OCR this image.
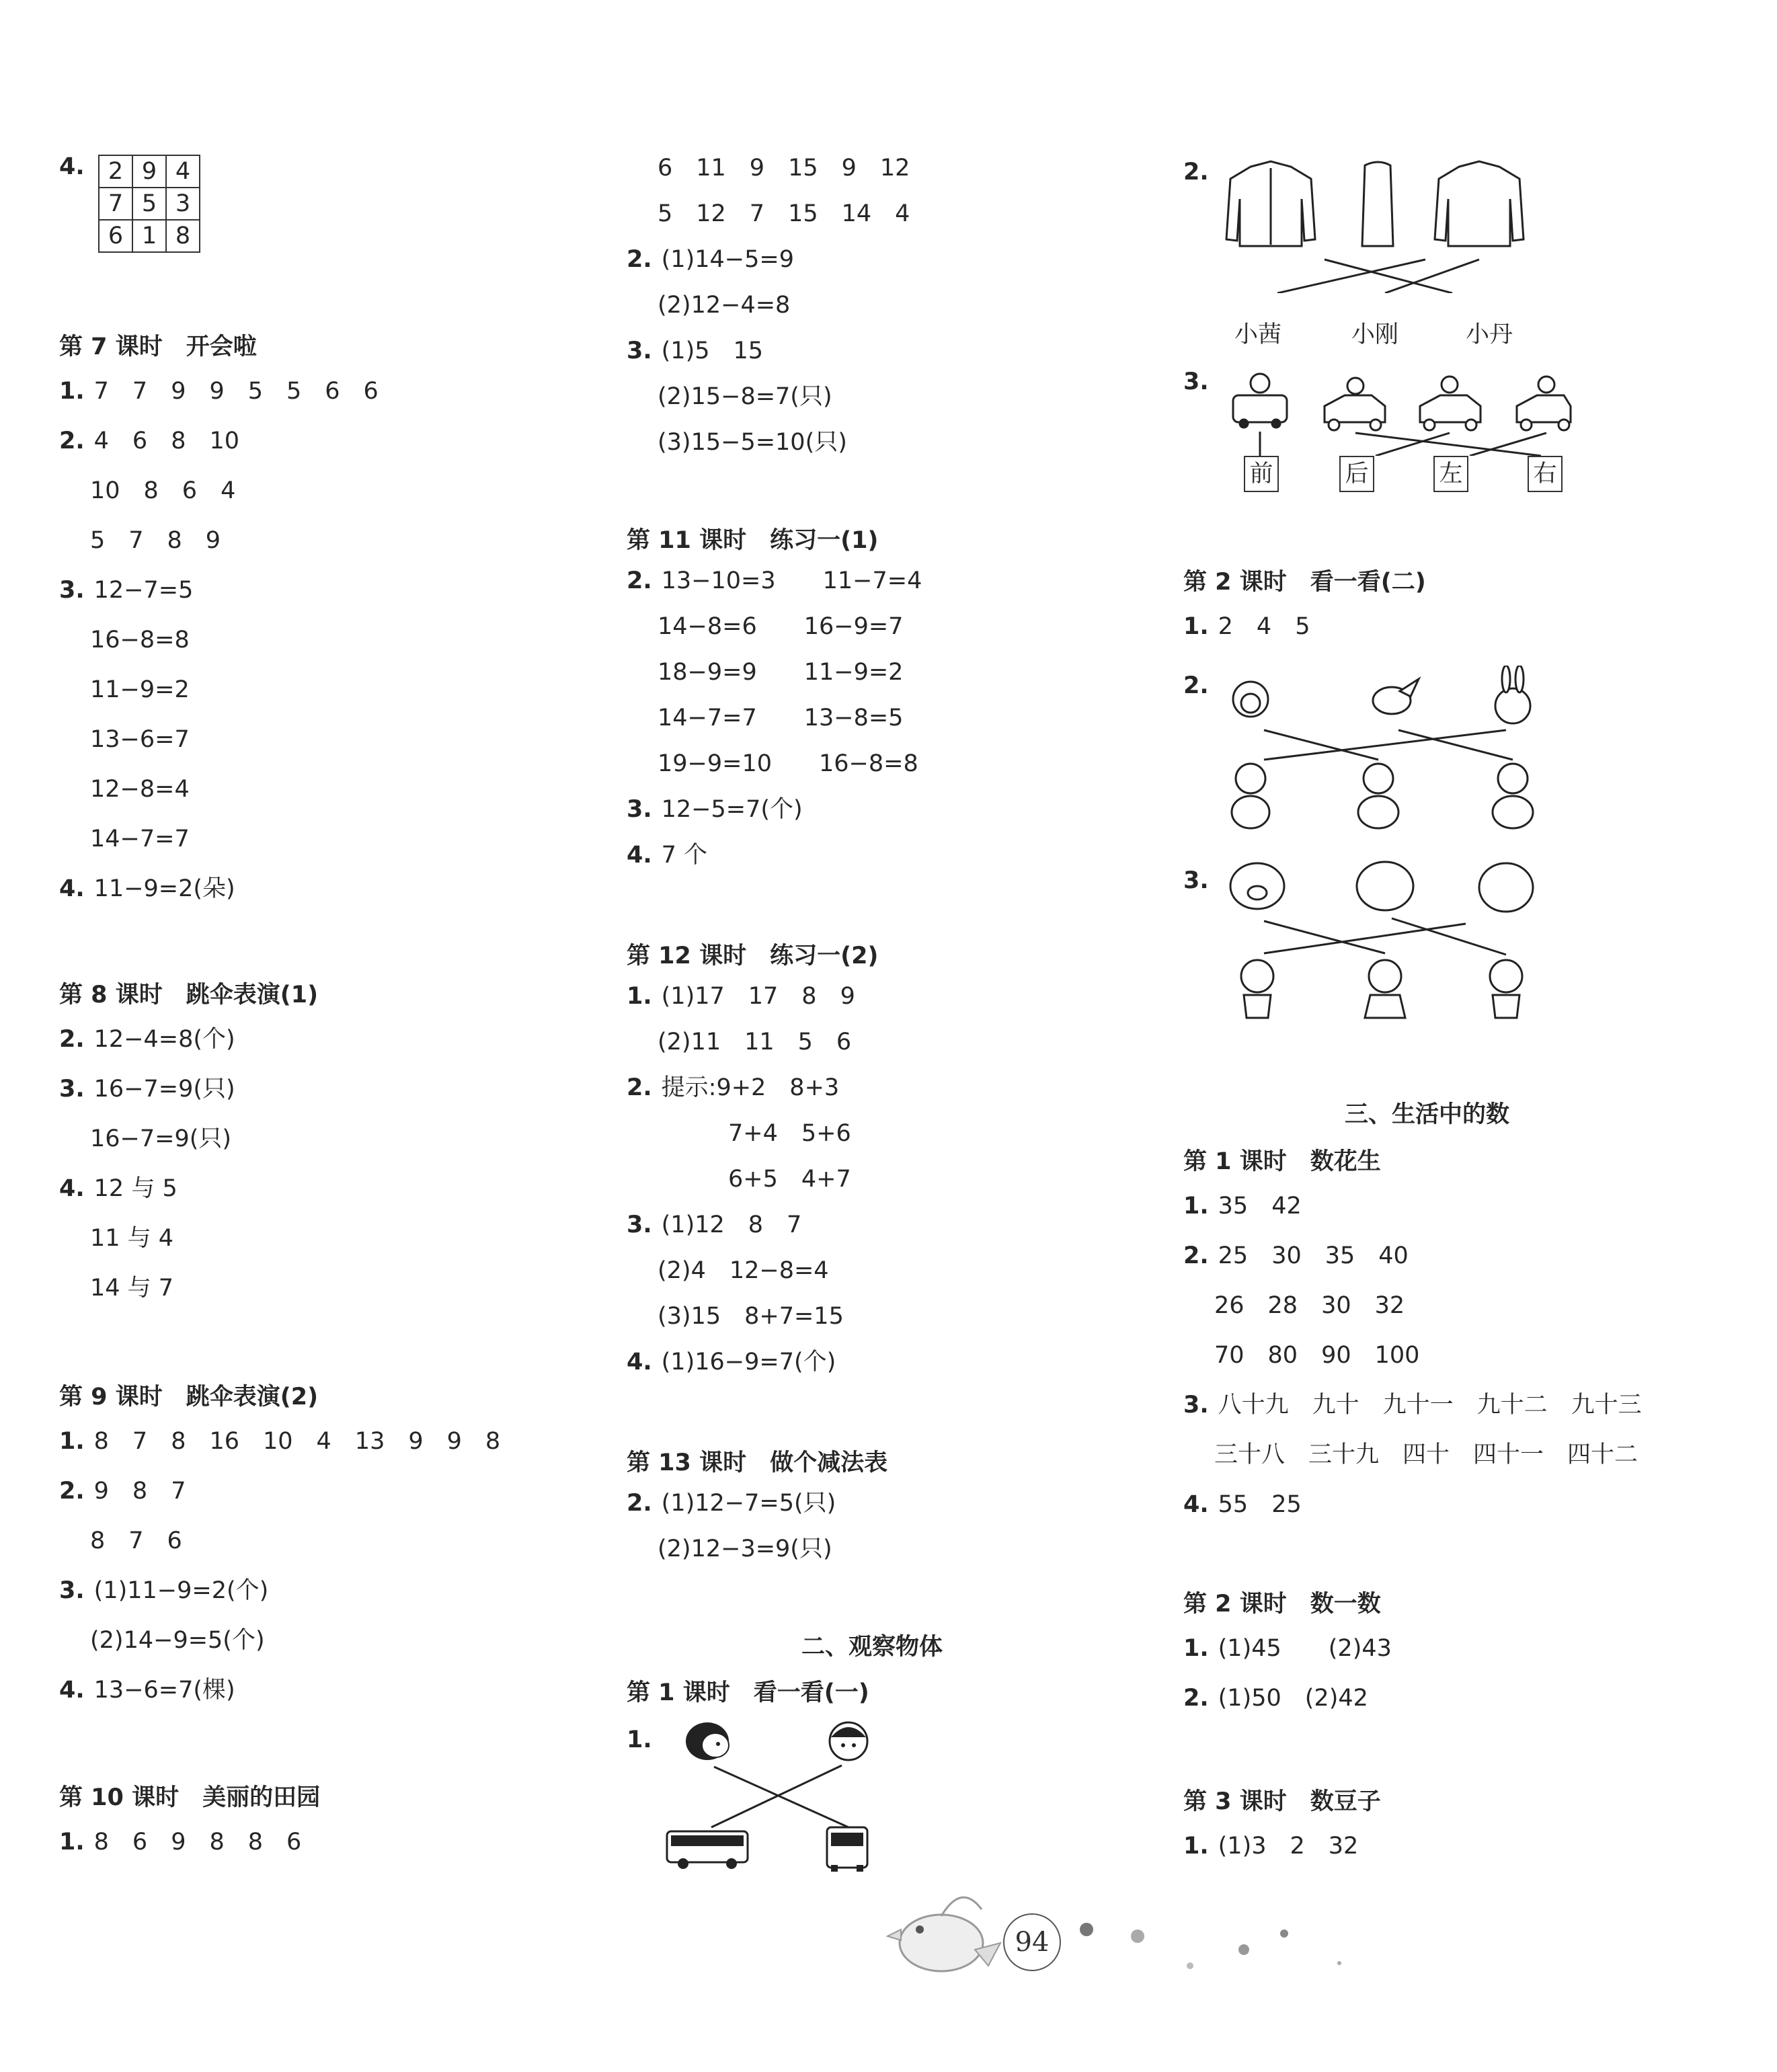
4.	2	9	4
7	5	3
6	1	8
第 7 课时　开会啦
1. 7　7　9　9　5　5　6　6
2. 4　6　8　10
10　8　6　4
5　7　8　9
3. 12−7=5
16−8=8
11−9=2
13−6=7
12−8=4
14−7=7
4. 11−9=2(朵)
第 8 课时　跳伞表演(1)
2. 12−4=8(个)
3. 16−7=9(只)
16−7=9(只)
4. 12 与 5
11 与 4
14 与 7
第 9 课时　跳伞表演(2)
1. 8　7　8　16　10　4　13　9　9　8
2. 9　8　7
8　7　6
3. (1)11−9=2(个)
(2)14−9=5(个)
4. 13−6=7(棵)
第 10 课时　美丽的田园
1. 8　6　9　8　8　6
6　11　9　15　9　12
5　12　7　15　14　4
2. (1)14−5=9
(2)12−4=8
3. (1)5　15
(2)15−8=7(只)
(3)15−5=10(只)
第 11 课时　练习一(1)
2. 13−10=3　　11−7=4
14−8=6　　16−9=7
18−9=9　　11−9=2
14−7=7　　13−8=5
19−9=10　　16−8=8
3. 12−5=7(个)
4. 7 个
第 12 课时　练习一(2)
1. (1)17　17　8　9
(2)11　11　5　6
2. 提示:9+2　8+3
　　　7+4　5+6
　　　6+5　4+7
3. (1)12　8　7
(2)4　12−8=4
(3)15　8+7=15
4. (1)16−9=7(个)
第 13 课时　做个减法表
2. (1)12−7=5(只)
(2)12−3=9(只)
二、观察物体
第 1 课时　看一看(一)
1.
2.
小茜	小刚	小丹
3.
前	后	左	右
第 2 课时　看一看(二)
1. 2　4　5
2.
3.
三、生活中的数
第 1 课时　数花生
1. 35　42
2. 25　30　35　40
26　28　30　32
70　80　90　100
3. 八十九　九十　九十一　九十二　九十三
三十八　三十九　四十　四十一　四十二
4. 55　25
第 2 课时　数一数
1. (1)45　　(2)43
2. (1)50　(2)42
第 3 课时　数豆子
1. (1)3　2　32
94
